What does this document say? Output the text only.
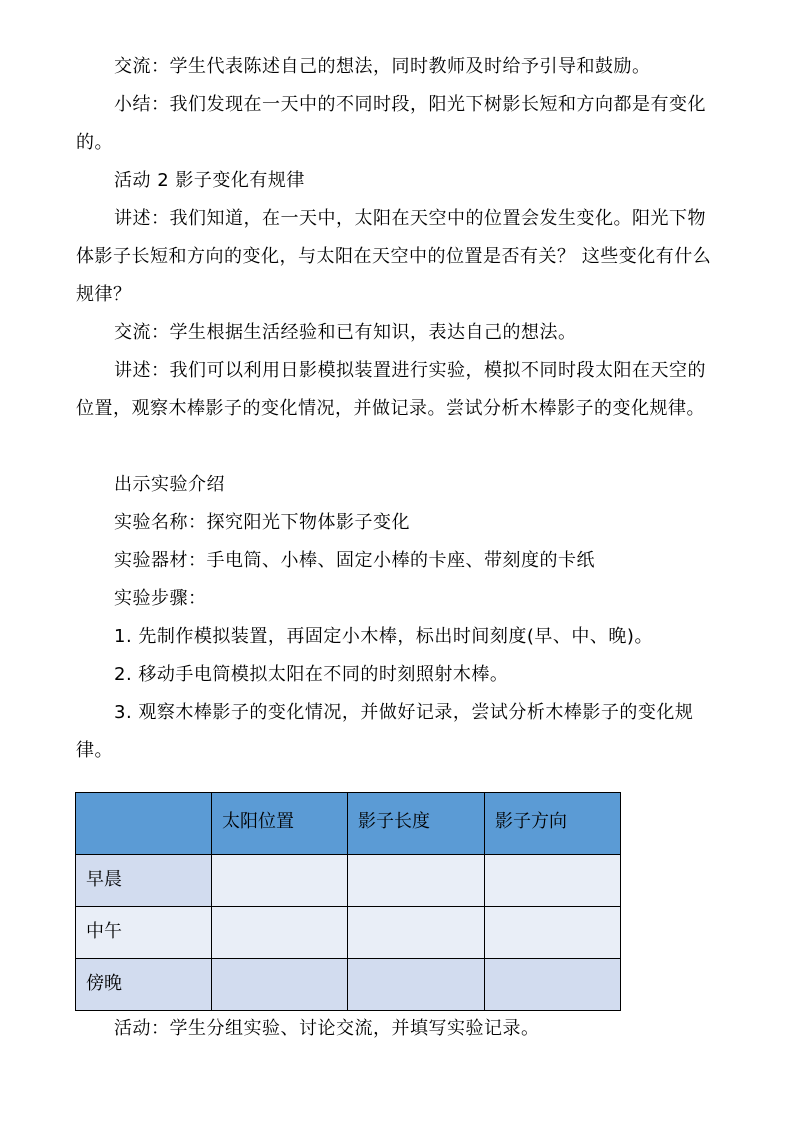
交流：学生代表陈述自己的想法，同时教师及时给予引导和鼓励。

小结：我们发现在一天中的不同时段，阳光下树影长短和方向都是有变化的。

活动 2 影子变化有规律

讲述：我们知道，在一天中，太阳在天空中的位置会发生变化。阳光下物体影子长短和方向的变化，与太阳在天空中的位置是否有关？ 这些变化有什么规律？

交流：学生根据生活经验和已有知识，表达自己的想法。

讲述：我们可以利用日影模拟装置进行实验，模拟不同时段太阳在天空的位置，观察木棒影子的变化情况，并做记录。尝试分析木棒影子的变化规律。

出示实验介绍

实验名称：探究阳光下物体影子变化

实验器材：手电筒、小棒、固定小棒的卡座、带刻度的卡纸

实验步骤：

1. 先制作模拟装置，再固定小木棒，标出时间刻度(早、中、晚)。

2. 移动手电筒模拟太阳在不同的时刻照射木棒。

3. 观察木棒影子的变化情况，并做好记录，尝试分析木棒影子的变化规律。

	太阳位置	影子长度	影子方向
早晨			
中午			
傍晚			

活动：学生分组实验、讨论交流，并填写实验记录。
